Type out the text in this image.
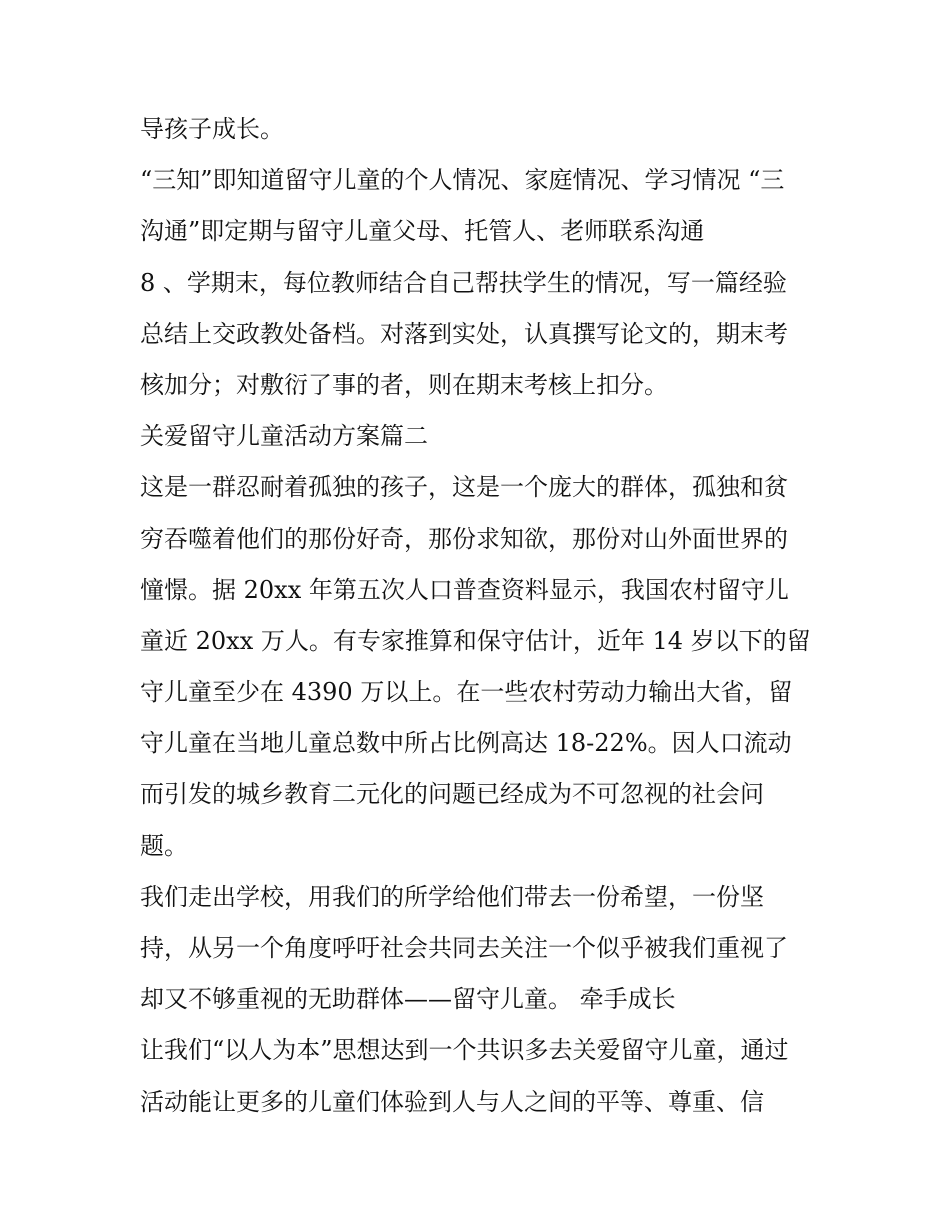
导孩子成长。
“三知”即知道留守儿童的个人情况、家庭情况、学习情况 “三
沟通”即定期与留守儿童父母、托管人、老师联系沟通
8 、学期末，每位教师结合自己帮扶学生的情况，写一篇经验
总结上交政教处备档。对落到实处，认真撰写论文的，期末考
核加分；对敷衍了事的者，则在期末考核上扣分。
关爱留守儿童活动方案篇二
这是一群忍耐着孤独的孩子，这是一个庞大的群体，孤独和贫
穷吞噬着他们的那份好奇，那份求知欲，那份对山外面世界的
憧憬。据 20xx 年第五次人口普查资料显示，我国农村留守儿
童近 20xx 万人。有专家推算和保守估计，近年 14 岁以下的留
守儿童至少在 4390 万以上。在一些农村劳动力输出大省，留
守儿童在当地儿童总数中所占比例高达 18-22%。因人口流动
而引发的城乡教育二元化的问题已经成为不可忽视的社会问
题。
我们走出学校，用我们的所学给他们带去一份希望，一份坚
持，从另一个角度呼吁社会共同去关注一个似乎被我们重视了
却又不够重视的无助群体——留守儿童。 牵手成长
让我们“以人为本”思想达到一个共识多去关爱留守儿童，通过
活动能让更多的儿童们体验到人与人之间的平等、尊重、信
